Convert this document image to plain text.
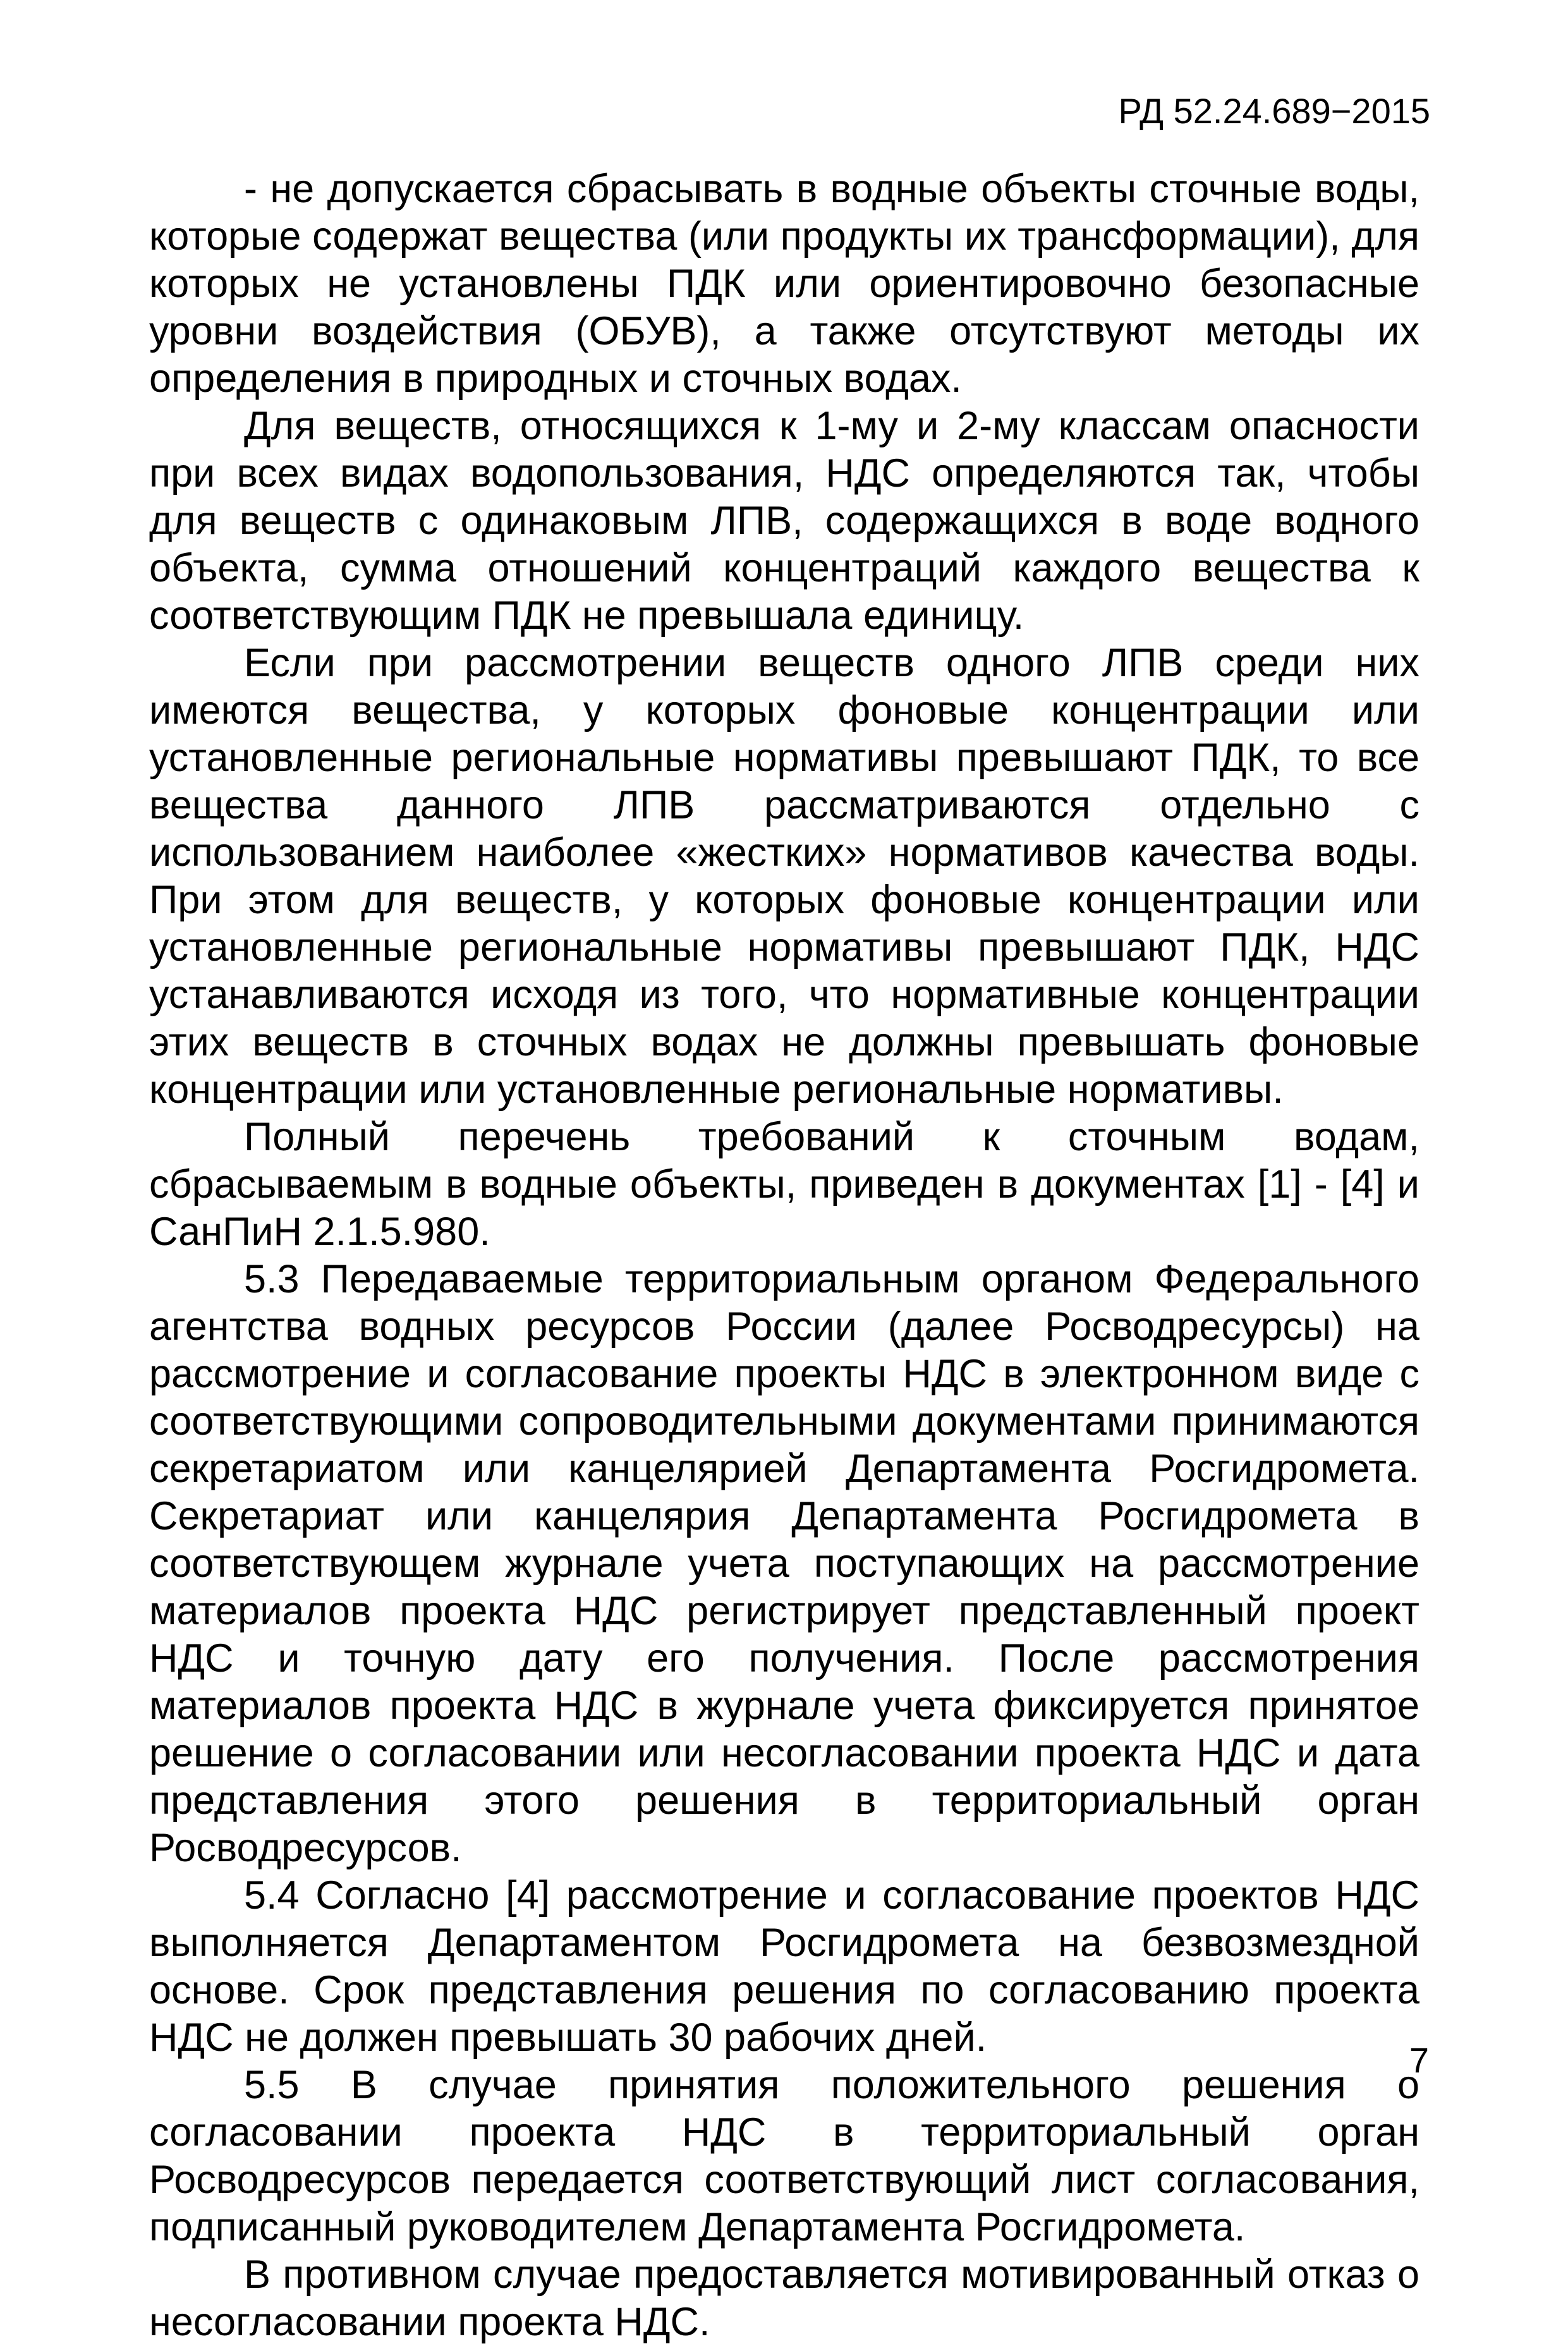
РД 52.24.689−2015

- не допускается сбрасывать в водные объекты сточные воды, которые содержат вещества (или продукты их трансформации), для которых не установлены ПДК или ориентировочно безопасные уровни воздействия (ОБУВ), а также отсутствуют методы их определения в природных и сточных водах.

Для веществ, относящихся к 1-му и 2-му классам опасности при всех видах водопользования, НДС определяются так, чтобы для веществ с одинаковым ЛПВ, содержащихся в воде водного объекта, сумма отношений концентраций каждого вещества к соответствующим ПДК не превышала единицу.

Если при рассмотрении веществ одного ЛПВ среди них имеются вещества, у которых фоновые концентрации или установленные региональные нормативы превышают ПДК, то все вещества данного ЛПВ рассматриваются отдельно с использованием наиболее «жестких» нормативов качества воды. При этом для веществ, у которых фоновые концентрации или установленные региональные нормативы превышают ПДК, НДС устанавливаются исходя из того, что нормативные концентрации этих веществ в сточных водах не должны превышать фоновые концентрации или установленные региональные нормативы.

Полный перечень требований к сточным водам, сбрасываемым в водные объекты, приведен в документах [1] - [4] и СанПиН 2.1.5.980.

5.3 Передаваемые территориальным органом Федерального агентства водных ресурсов России (далее Росводресурсы) на рассмотрение и согласование проекты НДС в электронном виде с соответствующими сопроводительными документами принимаются секретариатом или канцелярией Департамента Росгидромета. Секретариат или канцелярия Департамента Росгидромета в соответствующем журнале учета поступающих на рассмотрение материалов проекта НДС регистрирует представленный проект НДС и точную дату его получения. После рассмотрения материалов проекта НДС в журнале учета фиксируется принятое решение о согласовании или несогласовании проекта НДС и дата представления этого решения в территориальный орган Росводресурсов.

5.4 Согласно [4] рассмотрение и согласование проектов НДС выполняется Департаментом Росгидромета на безвозмездной основе. Срок представления решения по согласованию проекта НДС не должен превышать 30 рабочих дней.

5.5 В случае принятия положительного решения о согласовании проекта НДС в территориальный орган Росводресурсов передается соответствующий лист согласования, подписанный руководителем Департамента Росгидромета.

В противном случае предоставляется мотивированный отказ о несогласовании проекта НДС.

7
